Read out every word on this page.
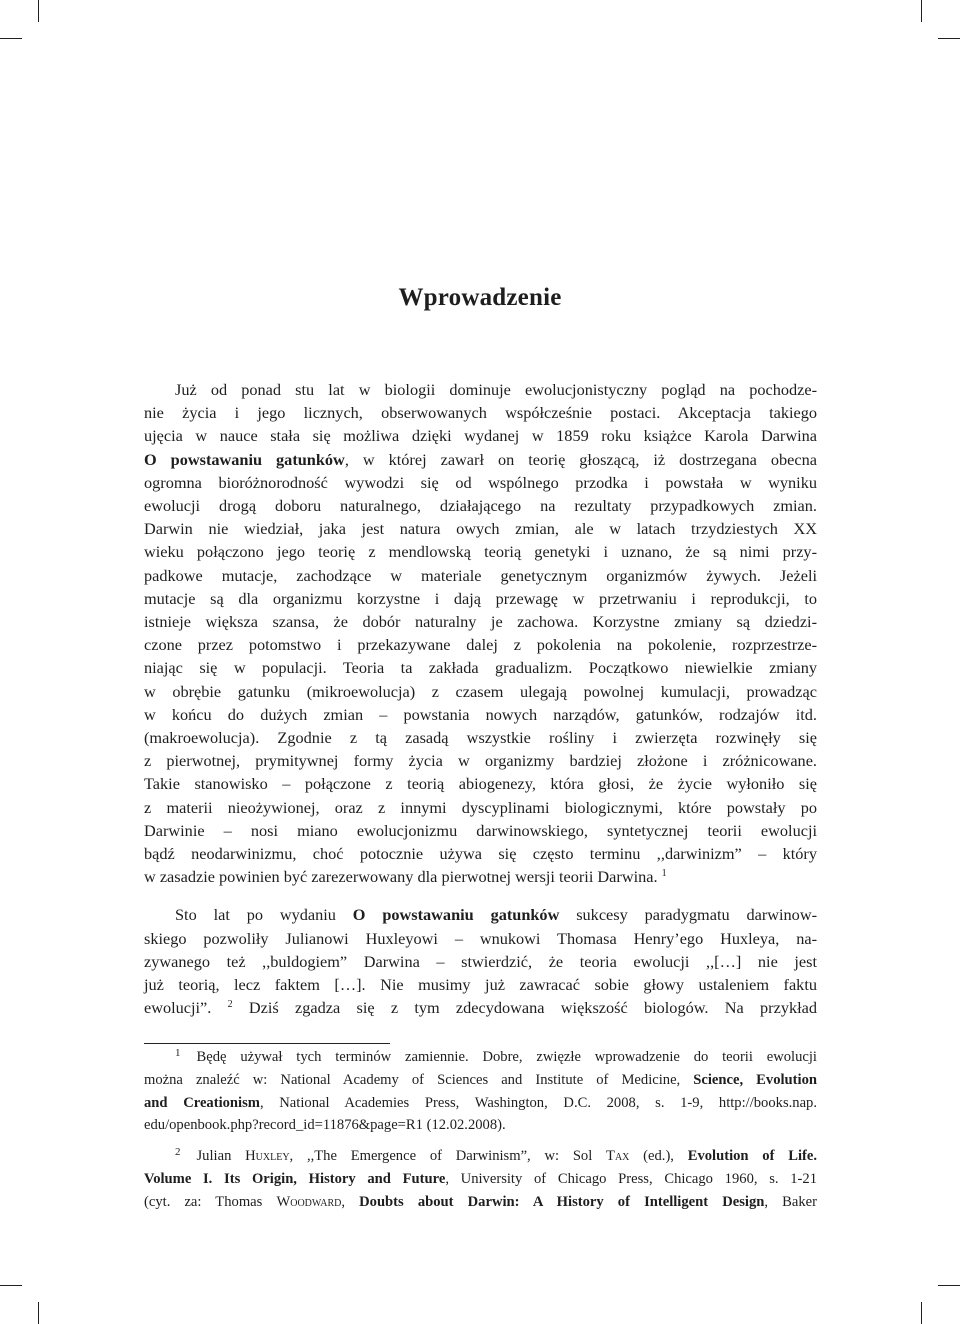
Wprowadzenie
Już od ponad stu lat w biologii dominuje ewolucjonistyczny pogląd na pochodze-
nie życia i jego licznych, obserwowanych współcześnie postaci. Akceptacja takiego
ujęcia w nauce stała się możliwa dzięki wydanej w 1859 roku książce Karola Darwina
O powstawaniu gatunków, w której zawarł on teorię głoszącą, iż dostrzegana obecna
ogromna bioróżnorodność wywodzi się od wspólnego przodka i powstała w wyniku
ewolucji drogą doboru naturalnego, działającego na rezultaty przypadkowych zmian.
Darwin nie wiedział, jaka jest natura owych zmian, ale w latach trzydziestych XX
wieku połączono jego teorię z mendlowską teorią genetyki i uznano, że są nimi przy-
padkowe mutacje, zachodzące w materiale genetycznym organizmów żywych. Jeżeli
mutacje są dla organizmu korzystne i dają przewagę w przetrwaniu i reprodukcji, to
istnieje większa szansa, że dobór naturalny je zachowa. Korzystne zmiany są dziedzi-
czone przez potomstwo i przekazywane dalej z pokolenia na pokolenie, rozprzestrze-
niając się w populacji. Teoria ta zakłada gradualizm. Początkowo niewielkie zmiany
w obrębie gatunku (mikroewolucja) z czasem ulegają powolnej kumulacji, prowadząc
w końcu do dużych zmian – powstania nowych narządów, gatunków, rodzajów itd.
(makroewolucja). Zgodnie z tą zasadą wszystkie rośliny i zwierzęta rozwinęły się
z pierwotnej, prymitywnej formy życia w organizmy bardziej złożone i zróżnicowane.
Takie stanowisko – połączone z teorią abiogenezy, która głosi, że życie wyłoniło się
z materii nieożywionej, oraz z innymi dyscyplinami biologicznymi, które powstały po
Darwinie – nosi miano ewolucjonizmu darwinowskiego, syntetycznej teorii ewolucji
bądź neodarwinizmu, choć potocznie używa się często terminu ,,darwinizm” – który
w zasadzie powinien być zarezerwowany dla pierwotnej wersji teorii Darwina. $^1$
Sto lat po wydaniu O powstawaniu gatunków sukcesy paradygmatu darwinow-
skiego pozwoliły Julianowi Huxleyowi – wnukowi Thomasa Henry’ego Huxleya, na-
zywanego też ,,buldogiem” Darwina – stwierdzić, że teoria ewolucji ,,[…] nie jest
już teorią, lecz faktem […]. Nie musimy już zawracać sobie głowy ustaleniem faktu
ewolucji”. $^2$ Dziś zgadza się z tym zdecydowana większość biologów. Na przykład
$^1$ Będę używał tych terminów zamiennie. Dobre, zwięzłe wprowadzenie do teorii ewolucji
można znaleźć w: National Academy of Sciences and Institute of Medicine, Science, Evolution
and Creationism, National Academies Press, Washington, D.C. 2008, s. 1-9, http://books.nap.
edu/openbook.php?record_id=11876&page=R1 (12.02.2008).
$^2$ Julian Huxley, ,,The Emergence of Darwinism”, w: Sol Tax (ed.), Evolution of Life.
Volume I. Its Origin, History and Future, University of Chicago Press, Chicago 1960, s. 1-21
(cyt. za: Thomas Woodward, Doubts about Darwin: A History of Intelligent Design, Baker
